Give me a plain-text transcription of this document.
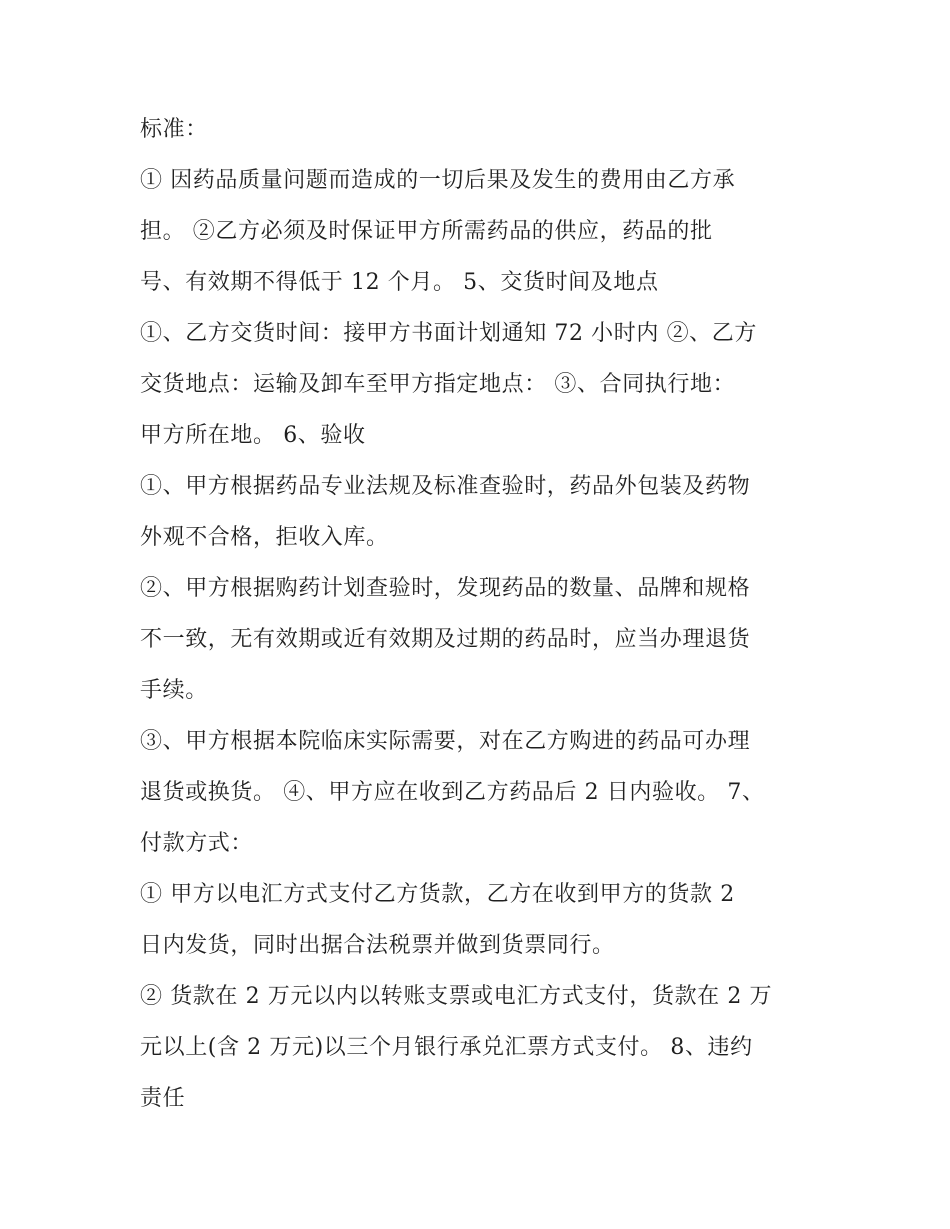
标准：
① 因药品质量问题而造成的一切后果及发生的费用由乙方承
担。 ②乙方必须及时保证甲方所需药品的供应，药品的批
号、有效期不得低于 12 个月。 5、交货时间及地点
①、乙方交货时间：接甲方书面计划通知 72 小时内 ②、乙方
交货地点：运输及卸车至甲方指定地点： ③、合同执行地：
甲方所在地。 6、验收
①、甲方根据药品专业法规及标准查验时，药品外包装及药物
外观不合格，拒收入库。
②、甲方根据购药计划查验时，发现药品的数量、品牌和规格
不一致，无有效期或近有效期及过期的药品时，应当办理退货
手续。
③、甲方根据本院临床实际需要，对在乙方购进的药品可办理
退货或换货。 ④、甲方应在收到乙方药品后 2 日内验收。 7、
付款方式：
① 甲方以电汇方式支付乙方货款，乙方在收到甲方的货款 2
日内发货，同时出据合法税票并做到货票同行。
② 货款在 2 万元以内以转账支票或电汇方式支付，货款在 2 万
元以上(含 2 万元)以三个月银行承兑汇票方式支付。 8、违约
责任
